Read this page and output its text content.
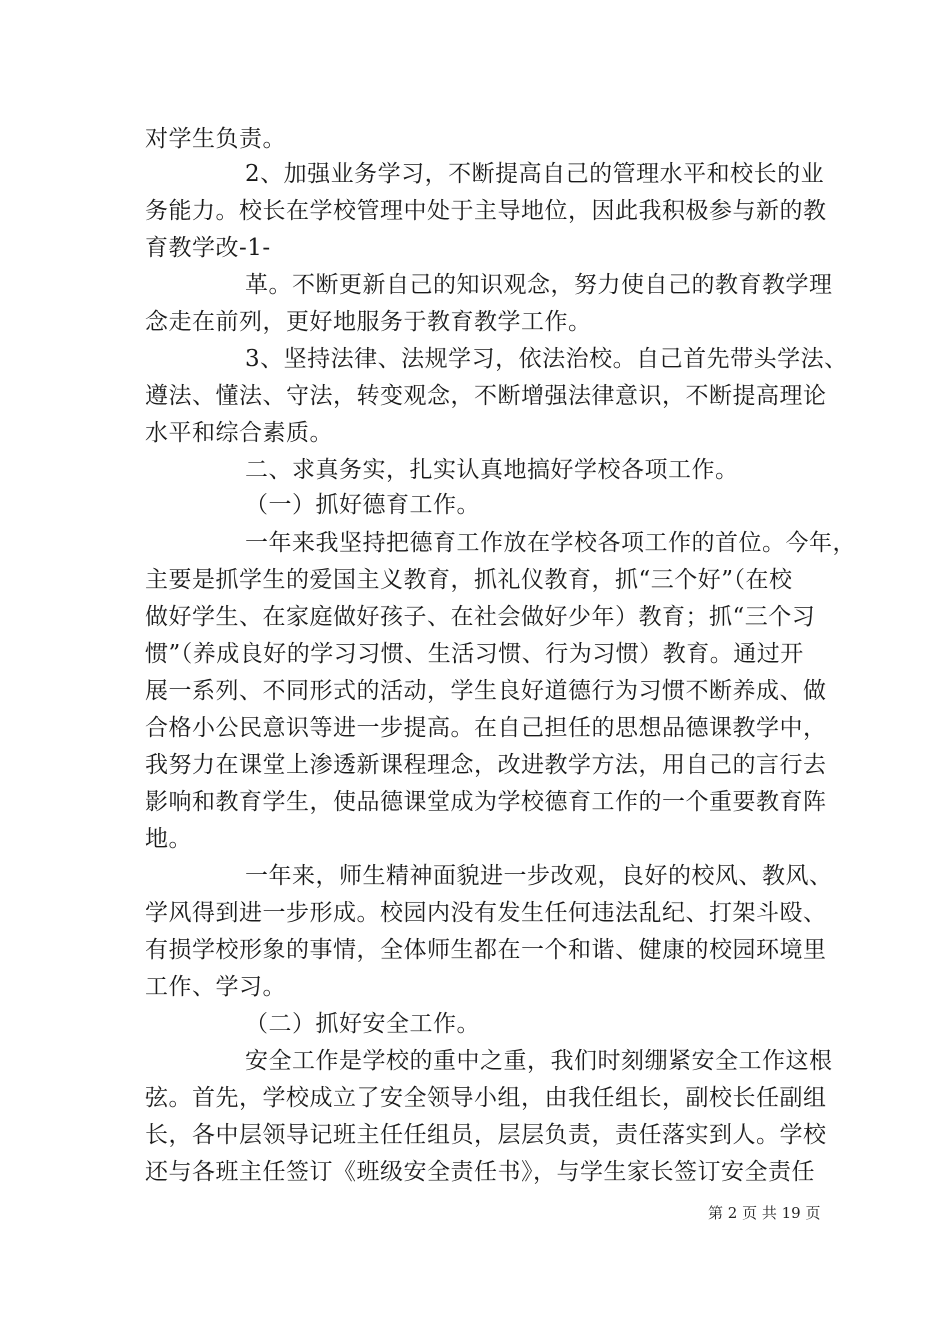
对学生负责。
2、加强业务学习，不断提高自己的管理水平和校长的业
务能力。校长在学校管理中处于主导地位，因此我积极参与新的教
育教学改-1-
革。不断更新自己的知识观念，努力使自己的教育教学理
念走在前列，更好地服务于教育教学工作。
3、坚持法律、法规学习，依法治校。自己首先带头学法、
遵法、懂法、守法，转变观念，不断增强法律意识，不断提高理论
水平和综合素质。
二、求真务实，扎实认真地搞好学校各项工作。
（一）抓好德育工作。
一年来我坚持把德育工作放在学校各项工作的首位。今年，
主要是抓学生的爱国主义教育，抓礼仪教育，抓“三个好”（在校
做好学生、在家庭做好孩子、在社会做好少年）教育；抓“三个习
惯”（养成良好的学习习惯、生活习惯、行为习惯）教育。通过开
展一系列、不同形式的活动，学生良好道德行为习惯不断养成、做
合格小公民意识等进一步提高。在自己担任的思想品德课教学中，
我努力在课堂上渗透新课程理念，改进教学方法，用自己的言行去
影响和教育学生，使品德课堂成为学校德育工作的一个重要教育阵
地。
一年来，师生精神面貌进一步改观，良好的校风、教风、
学风得到进一步形成。校园内没有发生任何违法乱纪、打架斗殴、
有损学校形象的事情，全体师生都在一个和谐、健康的校园环境里
工作、学习。
（二）抓好安全工作。
安全工作是学校的重中之重，我们时刻绷紧安全工作这根
弦。首先，学校成立了安全领导小组，由我任组长，副校长任副组
长，各中层领导记班主任任组员，层层负责，责任落实到人。学校
还与各班主任签订《班级安全责任书》，与学生家长签订安全责任
第 2 页 共 19 页
